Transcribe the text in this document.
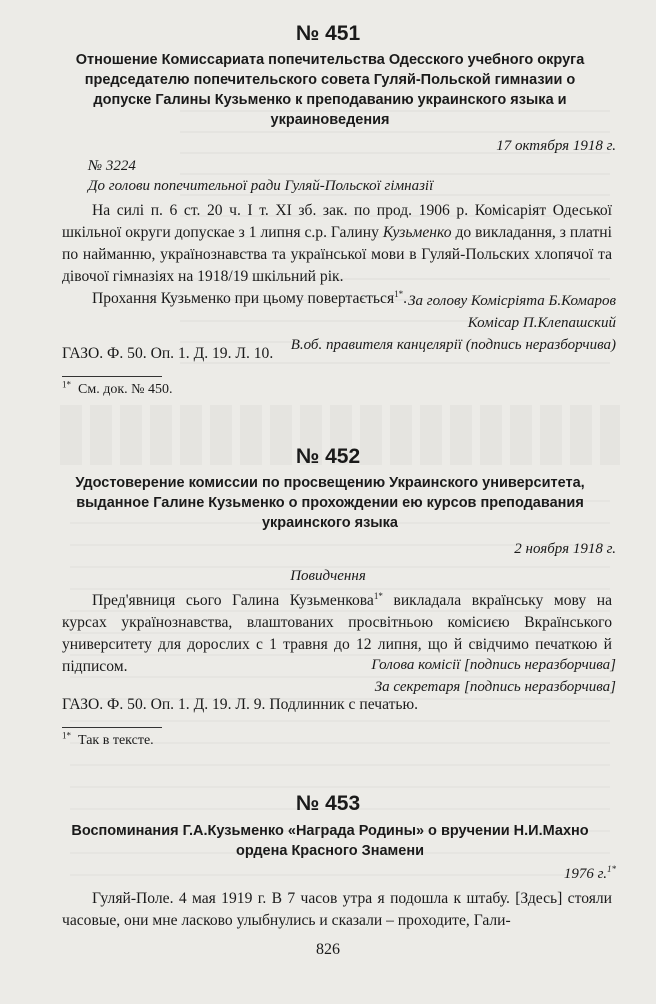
№ 451
Отношение Комиссариата попечительства Одесского учебного округа председателю попечительского совета Гуляй-Польской гимназии о допуске Галины Кузьменко к преподаванию украинского языка и украиноведения
17 октября 1918 г.
№ 3224
До голови попечительної ради Гуляй-Польскої гімназії

На силі п. 6 ст. 20 ч. I т. XI зб. зак. по прод. 1906 р. Комісаріят Одеської шкільної округи допускае з 1 липня с.р. Галину Кузьменко до викладання, з платні по найманню, українознавства та української мови в Гуляй-Польских хлопячої та дівочої гімназіях на 1918/19 шкільний рік.

Прохання Кузьменко при цьому повертається$^{1*}$. За голову Комісріята Б.Комаров
Комісар П.Клепашский
В.об. правителя канцелярії (подпись неразборчива)
ГАЗО. Ф. 50. Оп. 1. Д. 19. Л. 10.
$^{1*}$ См. док. № 450.
№ 452
Удостоверение комиссии по просвещению Украинского университета, выданное Галине Кузьменко о прохождении ею курсов преподавания украинского языка
2 ноября 1918 г.
Повидчення

Пред'явниця сього Галина Кузьменкова$^{1*}$ викладала вкраїнську мову на курсах українознавства, влаштованих просвітньою комісиєю Вкраїнського университету для дорослих с 1 травня до 12 липня, що й свідчимо печаткою й підписом.	Голова комісії [подпись неразборчива]
За секретаря [подпись неразборчива]
ГАЗО. Ф. 50. Оп. 1. Д. 19. Л. 9. Подлинник с печатью.
$^{1*}$ Так в тексте.
№ 453
Воспоминания Г.А.Кузьменко «Награда Родины» о вручении Н.И.Махно ордена Красного Знамени
1976 г.$^{1*}$

Гуляй-Поле. 4 мая 1919 г. В 7 часов утра я подошла к штабу. [Здесь] стояли часовые, они мне ласково улыбнулись и сказали – проходите, Гали-

826
